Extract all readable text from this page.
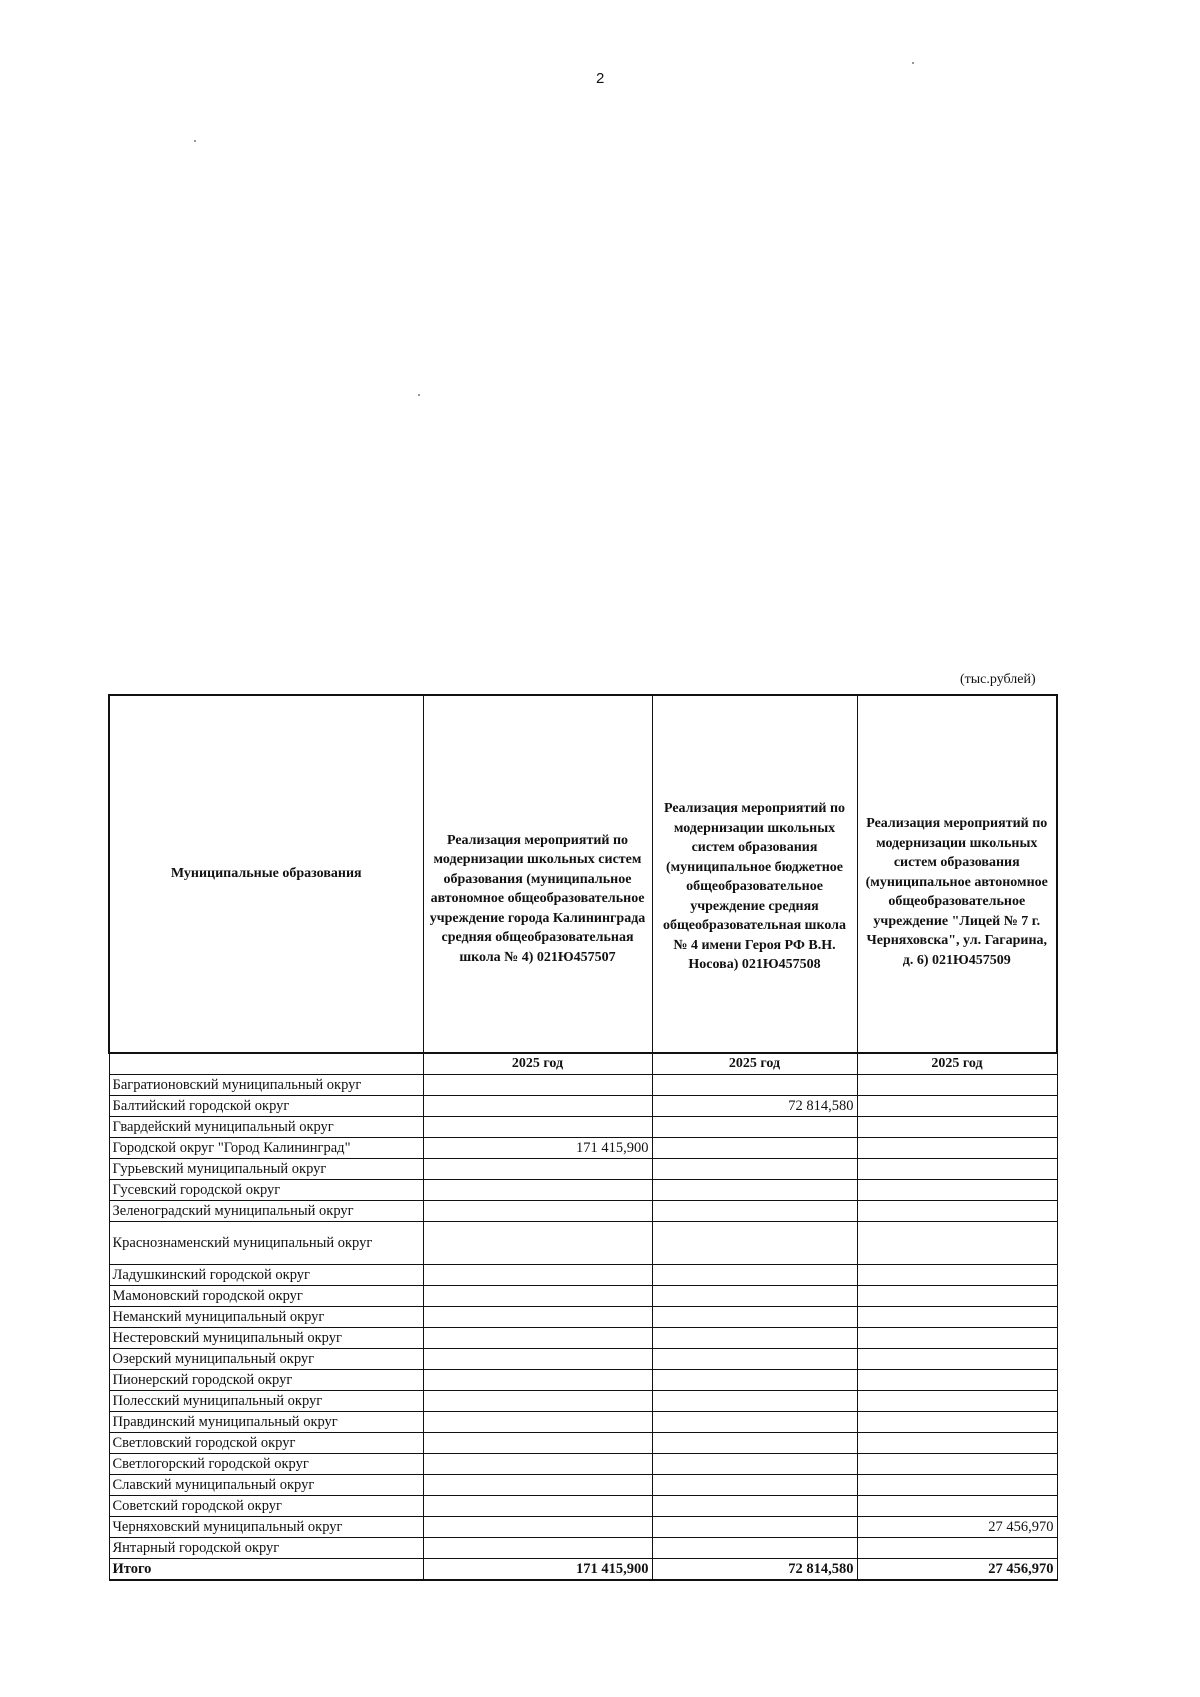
2
(тыс.рублей)
Муниципальные образования	Реализация мероприятий по модернизации школьных систем образования (муниципальное автономное общеобразовательное учреждение города Калининграда средняя общеобразовательная школа № 4) 021Ю457507	Реализация мероприятий по модернизации школьных систем образования (муниципальное бюджетное общеобразовательное учреждение средняя общеобразовательная школа № 4 имени Героя РФ В.Н. Носова) 021Ю457508	Реализация мероприятий по модернизации школьных систем образования (муниципальное автономное общеобразовательное учреждение "Лицей № 7 г. Черняховска", ул. Гагарина, д. 6) 021Ю457509
	2025 год	2025 год	2025 год
Багратионовский муниципальный округ			
Балтийский городской округ		72 814,580	
Гвардейский муниципальный округ			
Городской округ "Город Калининград"	171 415,900		
Гурьевский муниципальный округ			
Гусевский городской округ			
Зеленоградский муниципальный округ			
Краснознаменский муниципальный округ			
Ладушкинский городской округ			
Мамоновский городской округ			
Неманский муниципальный округ			
Нестеровский муниципальный округ			
Озерский муниципальный округ			
Пионерский городской округ			
Полесский муниципальный округ			
Правдинский муниципальный округ			
Светловский городской округ			
Светлогорский городской округ			
Славский муниципальный округ			
Советский городской округ			
Черняховский муниципальный округ			27 456,970
Янтарный городской округ			
Итого	171 415,900	72 814,580	27 456,970
